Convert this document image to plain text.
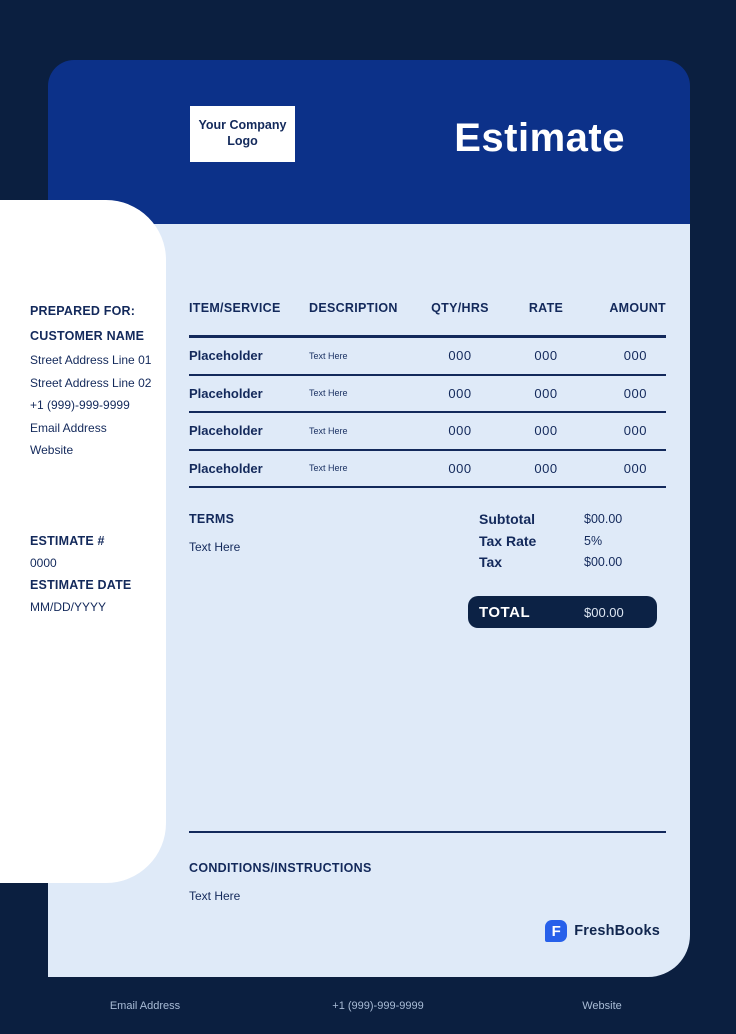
Your Company
Logo	Estimate
ITEM/SERVICE	DESCRIPTION	QTY/HRS	RATE	AMOUNT
Placeholder	Text Here	000	000	000
Placeholder	Text Here	000	000	000
Placeholder	Text Here	000	000	000
Placeholder	Text Here	000	000	000
TERMS
Text Here
Subtotal	$00.00
Tax Rate	5%
Tax	$00.00
TOTAL	$00.00
CONDITIONS/INSTRUCTIONS
Text Here
F FreshBooks
PREPARED FOR:
CUSTOMER NAME
Street Address Line 01
Street Address Line 02
+1 (999)-999-9999
Email Address
Website
ESTIMATE #
0000
ESTIMATE DATE
MM/DD/YYYY
Email Address	+1 (999)-999-9999	Website
